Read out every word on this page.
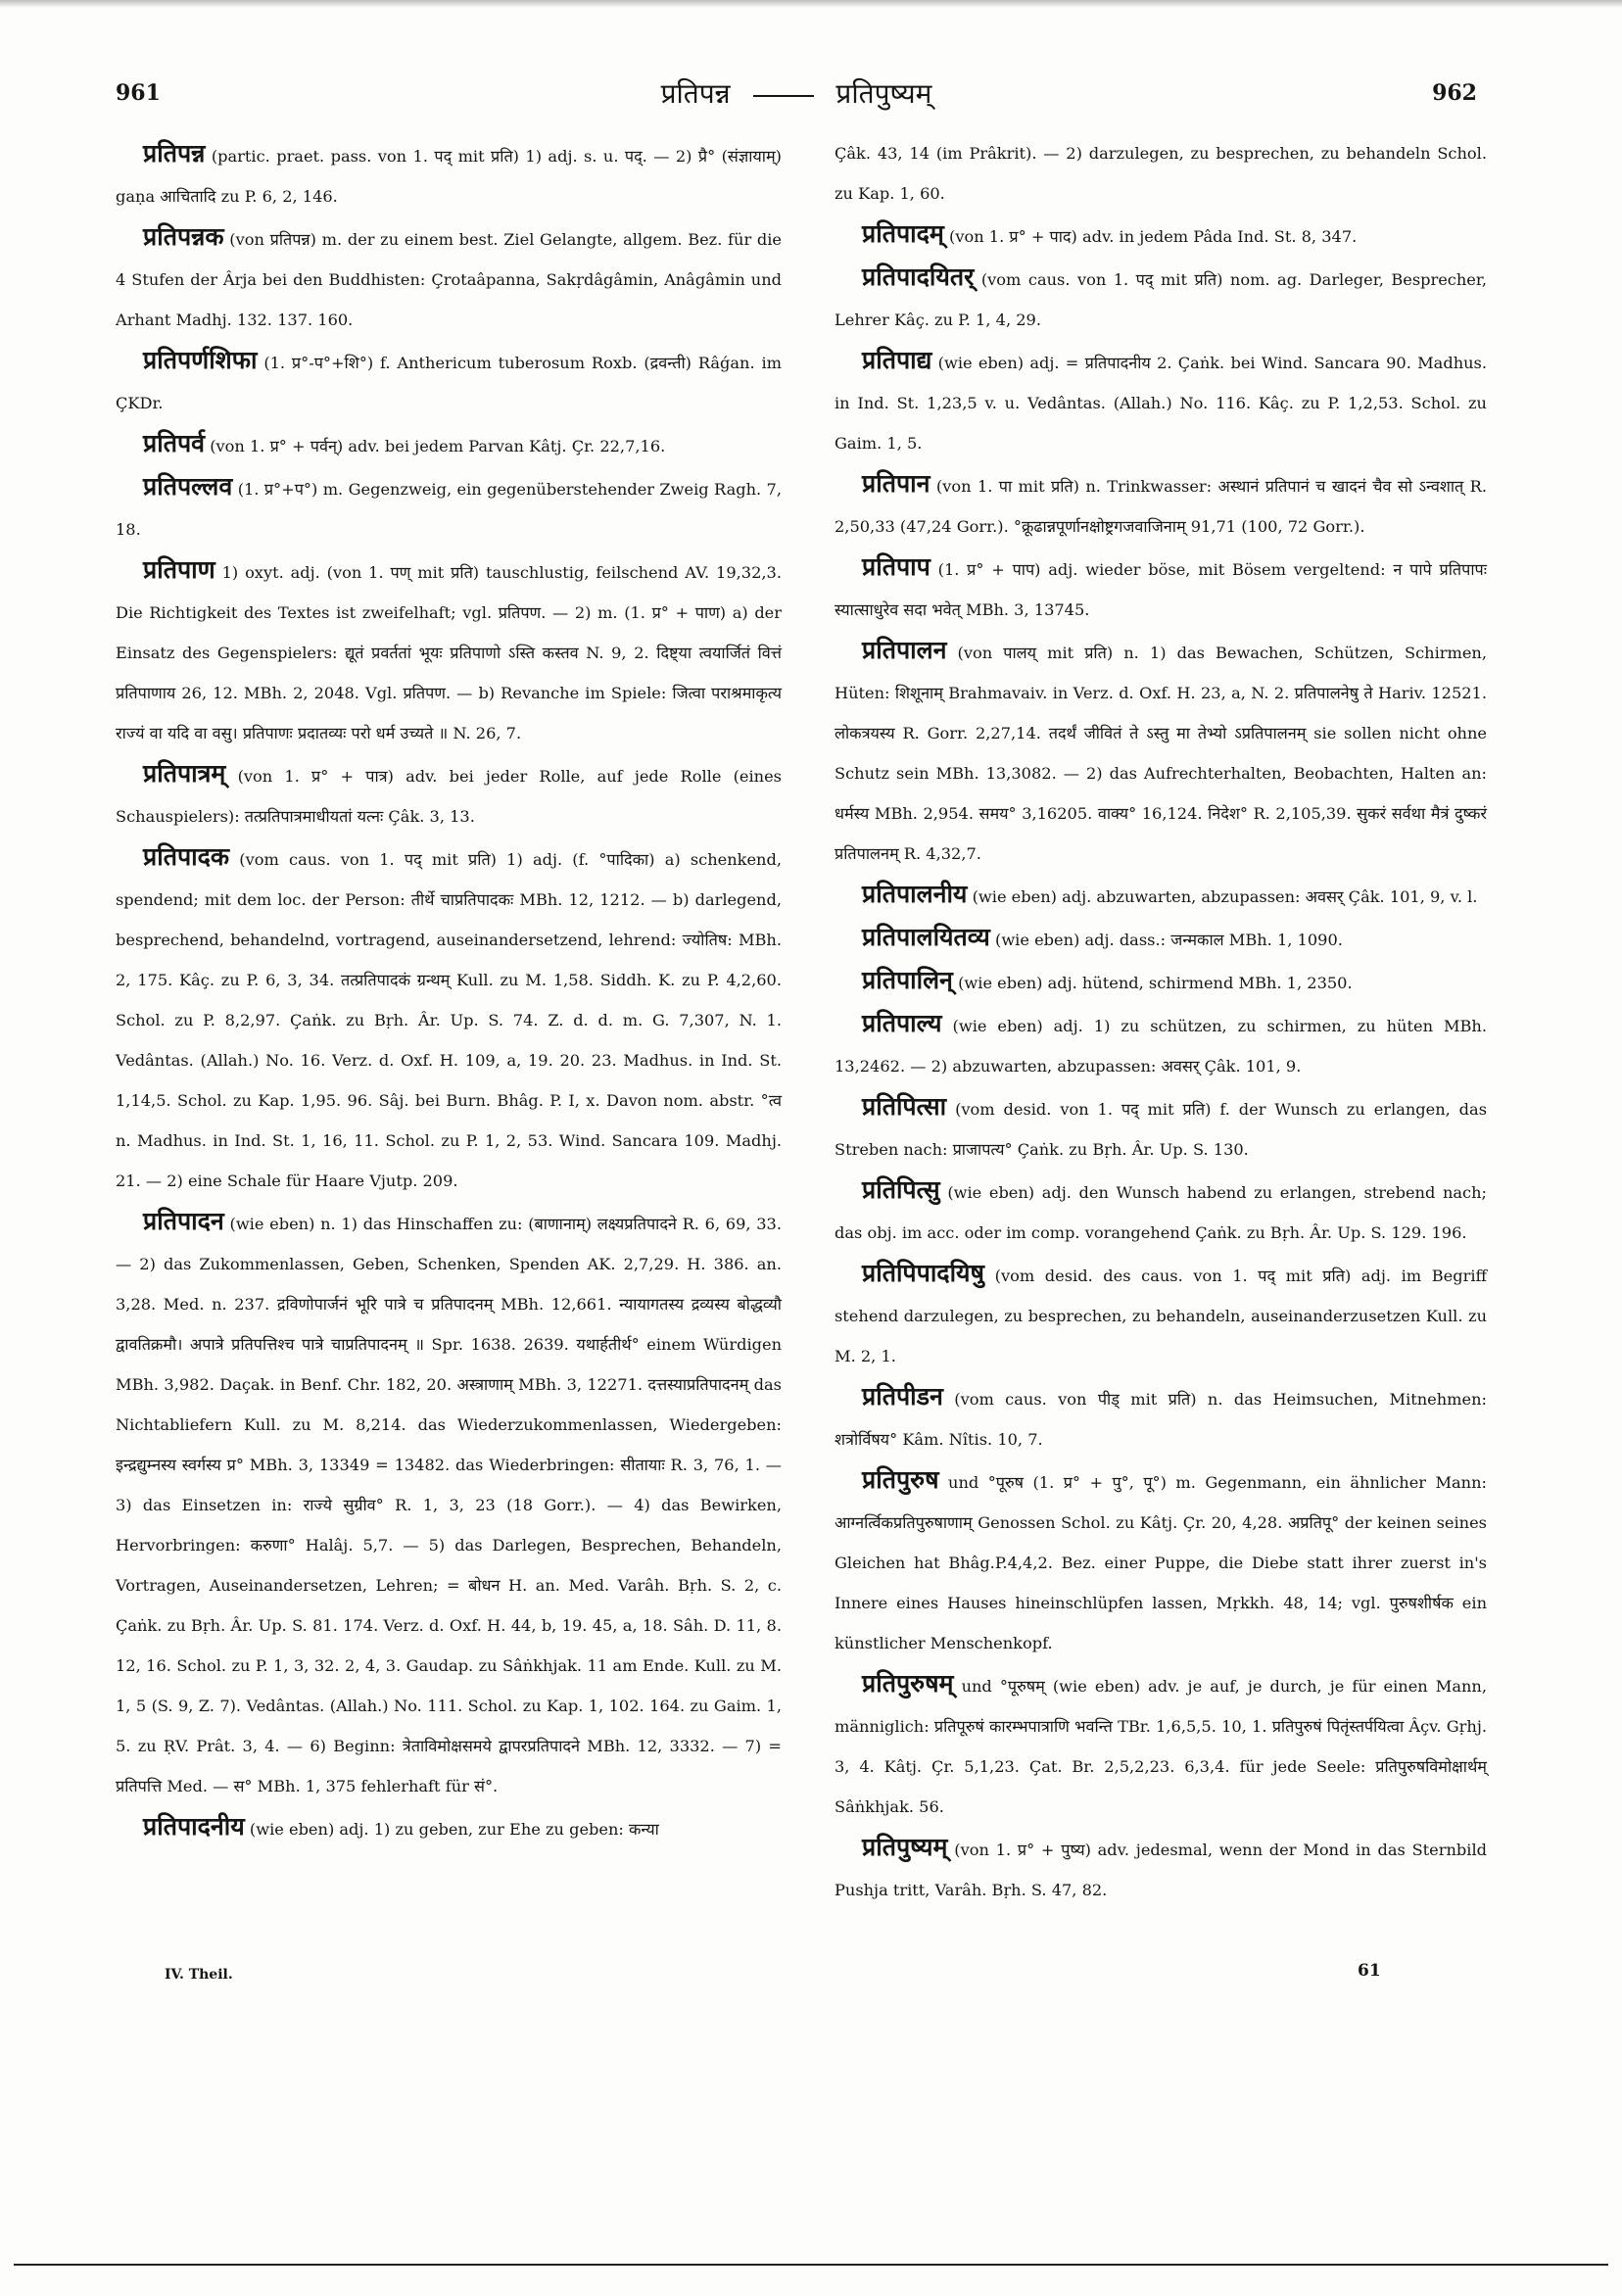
961	प्रतिपन्न	प्रतिपुष्यम्	962
प्रतिपन्न (partic. praet. pass. von 1. पद् mit प्रति) 1) adj. s. u. पद्. — 2) प्रै° (संज्ञायाम्) gaṇa आचितादि zu P. 6, 2, 146.
प्रतिपन्नक (von प्रतिपन्न) m. der zu einem best. Ziel Gelangte, allgem. Bez. für die 4 Stufen der Ârja bei den Buddhisten: Çrotaâpanna, Sakṛdâgâmin, Anâgâmin und Arhant Madhj. 132. 137. 160.
प्रतिपर्णशिफा (1. प्र°-प°+शि°) f. Anthericum tuberosum Roxb. (द्रवन्ती) Râǵan. im ÇKDr.
प्रतिपर्व (von 1. प्र° + पर्वन्) adv. bei jedem Parvan Kâtj. Çr. 22,7,16.
प्रतिपल्लव (1. प्र°+प°) m. Gegenzweig, ein gegenüberstehender Zweig Ragh. 7, 18.
प्रतिपाण 1) oxyt. adj. (von 1. पण् mit प्रति) tauschlustig, feilschend AV. 19,32,3. Die Richtigkeit des Textes ist zweifelhaft; vgl. प्रतिपण. — 2) m. (1. प्र° + पाण) a) der Einsatz des Gegenspielers: द्यूतं प्रवर्ततां भूयः प्रतिपाणो ऽस्ति कस्तव N. 9, 2. दिष्ट्या त्वयार्जितं वित्तं प्रतिपाणाय 26, 12. MBh. 2, 2048. Vgl. प्रतिपण. — b) Revanche im Spiele: जित्वा पराश्रमाकृत्य राज्यं वा यदि वा वसु। प्रतिपाणः प्रदातव्यः परो धर्म उच्यते ॥ N. 26, 7.
प्रतिपात्रम् (von 1. प्र° + पात्र) adv. bei jeder Rolle, auf jede Rolle (eines Schauspielers): तत्प्रतिपात्रमाधीयतां यत्नः Çâk. 3, 13.
प्रतिपादक (vom caus. von 1. पद् mit प्रति) 1) adj. (f. °पादिका) a) schenkend, spendend; mit dem loc. der Person: तीर्थे चाप्रतिपादकः MBh. 12, 1212. — b) darlegend, besprechend, behandelnd, vortragend, auseinandersetzend, lehrend: ज्योतिष: MBh. 2, 175. Kâç. zu P. 6, 3, 34. तत्प्रतिपादकं ग्रन्थम् Kull. zu M. 1,58. Siddh. K. zu P. 4,2,60. Schol. zu P. 8,2,97. Çaṅk. zu Bṛh. Âr. Up. S. 74. Z. d. d. m. G. 7,307, N. 1. Vedântas. (Allah.) No. 16. Verz. d. Oxf. H. 109, a, 19. 20. 23. Madhus. in Ind. St. 1,14,5. Schol. zu Kap. 1,95. 96. Sâj. bei Burn. Bhâg. P. I, x. Davon nom. abstr. °त्व n. Madhus. in Ind. St. 1, 16, 11. Schol. zu P. 1, 2, 53. Wind. Sancara 109. Madhj. 21. — 2) eine Schale für Haare Vjutp. 209.
प्रतिपादन (wie eben) n. 1) das Hinschaffen zu: (बाणानाम्) लक्ष्यप्रतिपादने R. 6, 69, 33. — 2) das Zukommenlassen, Geben, Schenken, Spenden AK. 2,7,29. H. 386. an. 3,28. Med. n. 237. द्रविणोपार्जनं भूरि पात्रे च प्रतिपादनम् MBh. 12,661. न्यायागतस्य द्रव्यस्य बोद्धव्यौ द्वावतिक्रमौ। अपात्रे प्रतिपत्तिश्च पात्रे चाप्रतिपादनम् ॥ Spr. 1638. 2639. यथार्हतीर्थ° einem Würdigen MBh. 3,982. Daçak. in Benf. Chr. 182, 20. अस्त्राणाम् MBh. 3, 12271. दत्तस्याप्रतिपादनम् das Nichtabliefern Kull. zu M. 8,214. das Wiederzukommenlassen, Wiedergeben: इन्द्रद्युम्नस्य स्वर्गस्य प्र° MBh. 3, 13349 = 13482. das Wiederbringen: सीतायाः R. 3, 76, 1. — 3) das Einsetzen in: राज्ये सुग्रीव° R. 1, 3, 23 (18 Gorr.). — 4) das Bewirken, Hervorbringen: करुणा° Halâj. 5,7. — 5) das Darlegen, Besprechen, Behandeln, Vortragen, Auseinandersetzen, Lehren; = बोधन H. an. Med. Varâh. Bṛh. S. 2, c. Çaṅk. zu Bṛh. Âr. Up. S. 81. 174. Verz. d. Oxf. H. 44, b, 19. 45, a, 18. Sâh. D. 11, 8. 12, 16. Schol. zu P. 1, 3, 32. 2, 4, 3. Gaudap. zu Sâṅkhjak. 11 am Ende. Kull. zu M. 1, 5 (S. 9, Z. 7). Vedântas. (Allah.) No. 111. Schol. zu Kap. 1, 102. 164. zu Gaim. 1, 5. zu ṚV. Prât. 3, 4. — 6) Beginn: त्रेताविमोक्षसमये द्वापरप्रतिपादने MBh. 12, 3332. — 7) = प्रतिपत्ति Med. — स° MBh. 1, 375 fehlerhaft für सं°.
प्रतिपादनीय (wie eben) adj. 1) zu geben, zur Ehe zu geben: कन्या
Çâk. 43, 14 (im Prâkrit). — 2) darzulegen, zu besprechen, zu behandeln Schol. zu Kap. 1, 60.
प्रतिपादम् (von 1. प्र° + पाद) adv. in jedem Pâda Ind. St. 8, 347.
प्रतिपादयितर् (vom caus. von 1. पद् mit प्रति) nom. ag. Darleger, Besprecher, Lehrer Kâç. zu P. 1, 4, 29.
प्रतिपाद्य (wie eben) adj. = प्रतिपादनीय 2. Çaṅk. bei Wind. Sancara 90. Madhus. in Ind. St. 1,23,5 v. u. Vedântas. (Allah.) No. 116. Kâç. zu P. 1,2,53. Schol. zu Gaim. 1, 5.
प्रतिपान (von 1. पा mit प्रति) n. Trinkwasser: अस्थानं प्रतिपानं च खादनं चैव सो ऽन्वशात् R. 2,50,33 (47,24 Gorr.). °क्रूढान्नपूर्णानक्षोष्ट्रगजवाजिनाम् 91,71 (100, 72 Gorr.).
प्रतिपाप (1. प्र° + पाप) adj. wieder böse, mit Bösem vergeltend: न पापे प्रतिपापः स्यात्साधुरेव सदा भवेत् MBh. 3, 13745.
प्रतिपालन (von पालय् mit प्रति) n. 1) das Bewachen, Schützen, Schirmen, Hüten: शिशूनाम् Brahmavaiv. in Verz. d. Oxf. H. 23, a, N. 2. प्रतिपालनेषु ते Hariv. 12521. लोकत्रयस्य R. Gorr. 2,27,14. तदर्थं जीवितं ते ऽस्तु मा तेभ्यो ऽप्रतिपालनम् sie sollen nicht ohne Schutz sein MBh. 13,3082. — 2) das Aufrechterhalten, Beobachten, Halten an: धर्मस्य MBh. 2,954. समय° 3,16205. वाक्य° 16,124. निदेश° R. 2,105,39. सुकरं सर्वथा मैत्रं दुष्करं प्रतिपालनम् R. 4,32,7.
प्रतिपालनीय (wie eben) adj. abzuwarten, abzupassen: अवसर् Çâk. 101, 9, v. l.
प्रतिपालयितव्य (wie eben) adj. dass.: जन्मकाल MBh. 1, 1090.
प्रतिपालिन् (wie eben) adj. hütend, schirmend MBh. 1, 2350.
प्रतिपाल्य (wie eben) adj. 1) zu schützen, zu schirmen, zu hüten MBh. 13,2462. — 2) abzuwarten, abzupassen: अवसर् Çâk. 101, 9.
प्रतिपित्सा (vom desid. von 1. पद् mit प्रति) f. der Wunsch zu erlangen, das Streben nach: प्राजापत्य° Çaṅk. zu Bṛh. Âr. Up. S. 130.
प्रतिपित्सु (wie eben) adj. den Wunsch habend zu erlangen, strebend nach; das obj. im acc. oder im comp. vorangehend Çaṅk. zu Bṛh. Âr. Up. S. 129. 196.
प्रतिपिपादयिषु (vom desid. des caus. von 1. पद् mit प्रति) adj. im Begriff stehend darzulegen, zu besprechen, zu behandeln, auseinanderzusetzen Kull. zu M. 2, 1.
प्रतिपीडन (vom caus. von पीड् mit प्रति) n. das Heimsuchen, Mitnehmen: शत्रोर्विषय° Kâm. Nîtis. 10, 7.
प्रतिपुरुष und °पूरुष (1. प्र° + पु°, पू°) m. Gegenmann, ein ähnlicher Mann: आग्नर्त्विकप्रतिपुरुषाणाम् Genossen Schol. zu Kâtj. Çr. 20, 4,28. अप्रतिपू° der keinen seines Gleichen hat Bhâg.P.4,4,2. Bez. einer Puppe, die Diebe statt ihrer zuerst in's Innere eines Hauses hineinschlüpfen lassen, Mṛkkh. 48, 14; vgl. पुरुषशीर्षक ein künstlicher Menschenkopf.
प्रतिपुरुषम् und °पूरुषम् (wie eben) adv. je auf, je durch, je für einen Mann, männiglich: प्रतिपूरुषं कारम्भपात्राणि भवन्ति TBr. 1,6,5,5. 10, 1. प्रतिपुरुषं पितृंस्तर्पयित्वा Âçv. Gṛhj. 3, 4. Kâtj. Çr. 5,1,23. Çat. Br. 2,5,2,23. 6,3,4. für jede Seele: प्रतिपुरुषविमोक्षार्थम् Sâṅkhjak. 56.
प्रतिपुष्यम् (von 1. प्र° + पुष्य) adv. jedesmal, wenn der Mond in das Sternbild Pushja tritt, Varâh. Bṛh. S. 47, 82.
IV. Theil.	61
